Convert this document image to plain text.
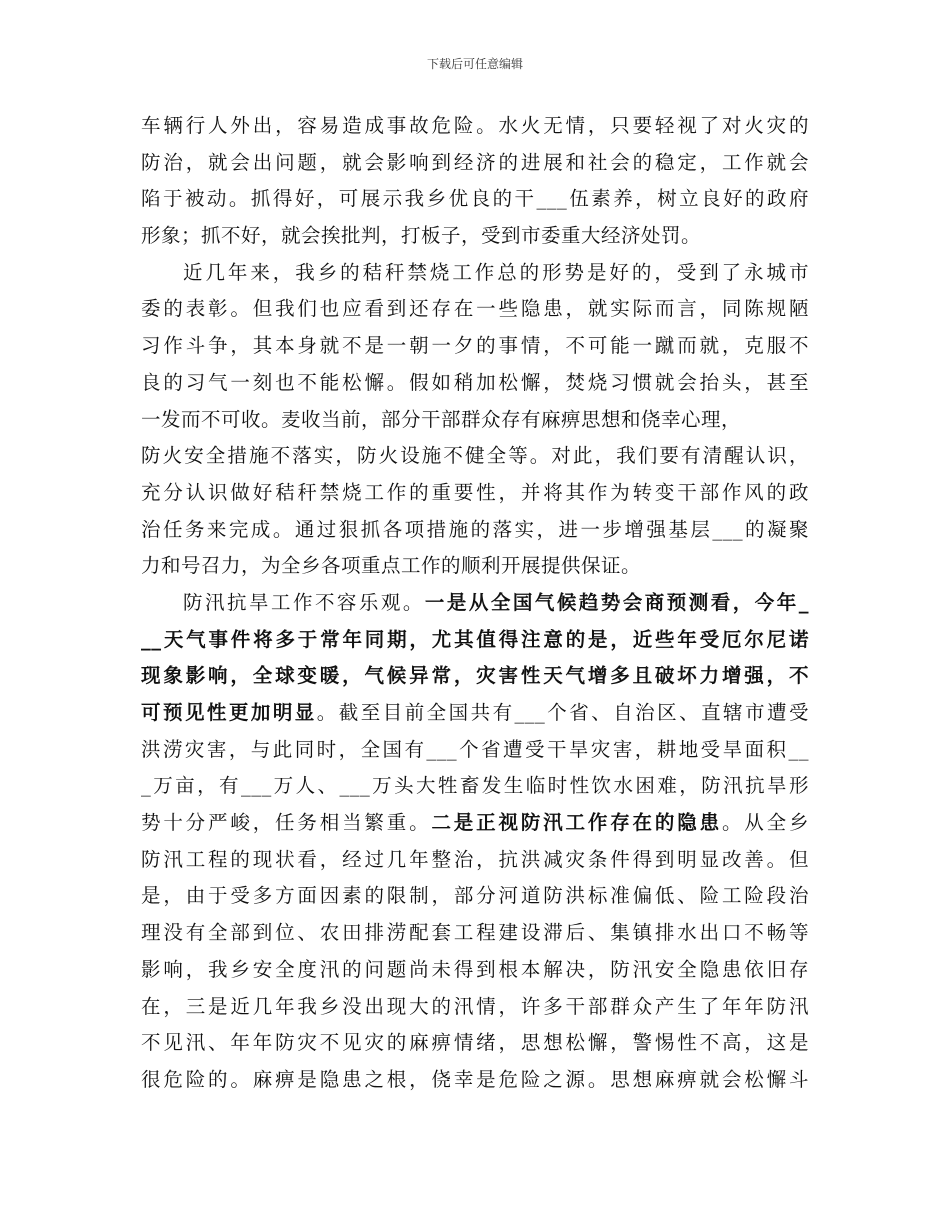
下载后可任意编辑
车辆行人外出，容易造成事故危险。水火无情，只要轻视了对火灾的
防治，就会出问题，就会影响到经济的进展和社会的稳定，工作就会
陷于被动。抓得好，可展示我乡优良的干___伍素养，树立良好的政府
形象；抓不好，就会挨批判，打板子，受到市委重大经济处罚。
近几年来，我乡的秸秆禁烧工作总的形势是好的，受到了永城市
委的表彰。但我们也应看到还存在一些隐患，就实际而言，同陈规陋
习作斗争，其本身就不是一朝一夕的事情，不可能一蹴而就，克服不
良的习气一刻也不能松懈。假如稍加松懈，焚烧习惯就会抬头，甚至
一发而不可收。麦收当前，部分干部群众存有麻痹思想和侥幸心理，
防火安全措施不落实，防火设施不健全等。对此，我们要有清醒认识，
充分认识做好秸秆禁烧工作的重要性，并将其作为转变干部作风的政
治任务来完成。通过狠抓各项措施的落实，进一步增强基层___的凝聚
力和号召力，为全乡各项重点工作的顺利开展提供保证。
防汛抗旱工作不容乐观。一是从全国气候趋势会商预测看，今年_
__天气事件将多于常年同期，尤其值得注意的是，近些年受厄尔尼诺
现象影响，全球变暖，气候异常，灾害性天气增多且破坏力增强，不
可预见性更加明显。截至目前全国共有___个省、自治区、直辖市遭受
洪涝灾害，与此同时，全国有___个省遭受干旱灾害，耕地受旱面积__
_万亩，有___万人、___万头大牲畜发生临时性饮水困难，防汛抗旱形
势十分严峻，任务相当繁重。二是正视防汛工作存在的隐患。从全乡
防汛工程的现状看，经过几年整治，抗洪减灾条件得到明显改善。但
是，由于受多方面因素的限制，部分河道防洪标准偏低、险工险段治
理没有全部到位、农田排涝配套工程建设滞后、集镇排水出口不畅等
影响，我乡安全度汛的问题尚未得到根本解决，防汛安全隐患依旧存
在，三是近几年我乡没出现大的汛情，许多干部群众产生了年年防汛
不见汛、年年防灾不见灾的麻痹情绪，思想松懈，警惕性不高，这是
很危险的。麻痹是隐患之根，侥幸是危险之源。思想麻痹就会松懈斗
